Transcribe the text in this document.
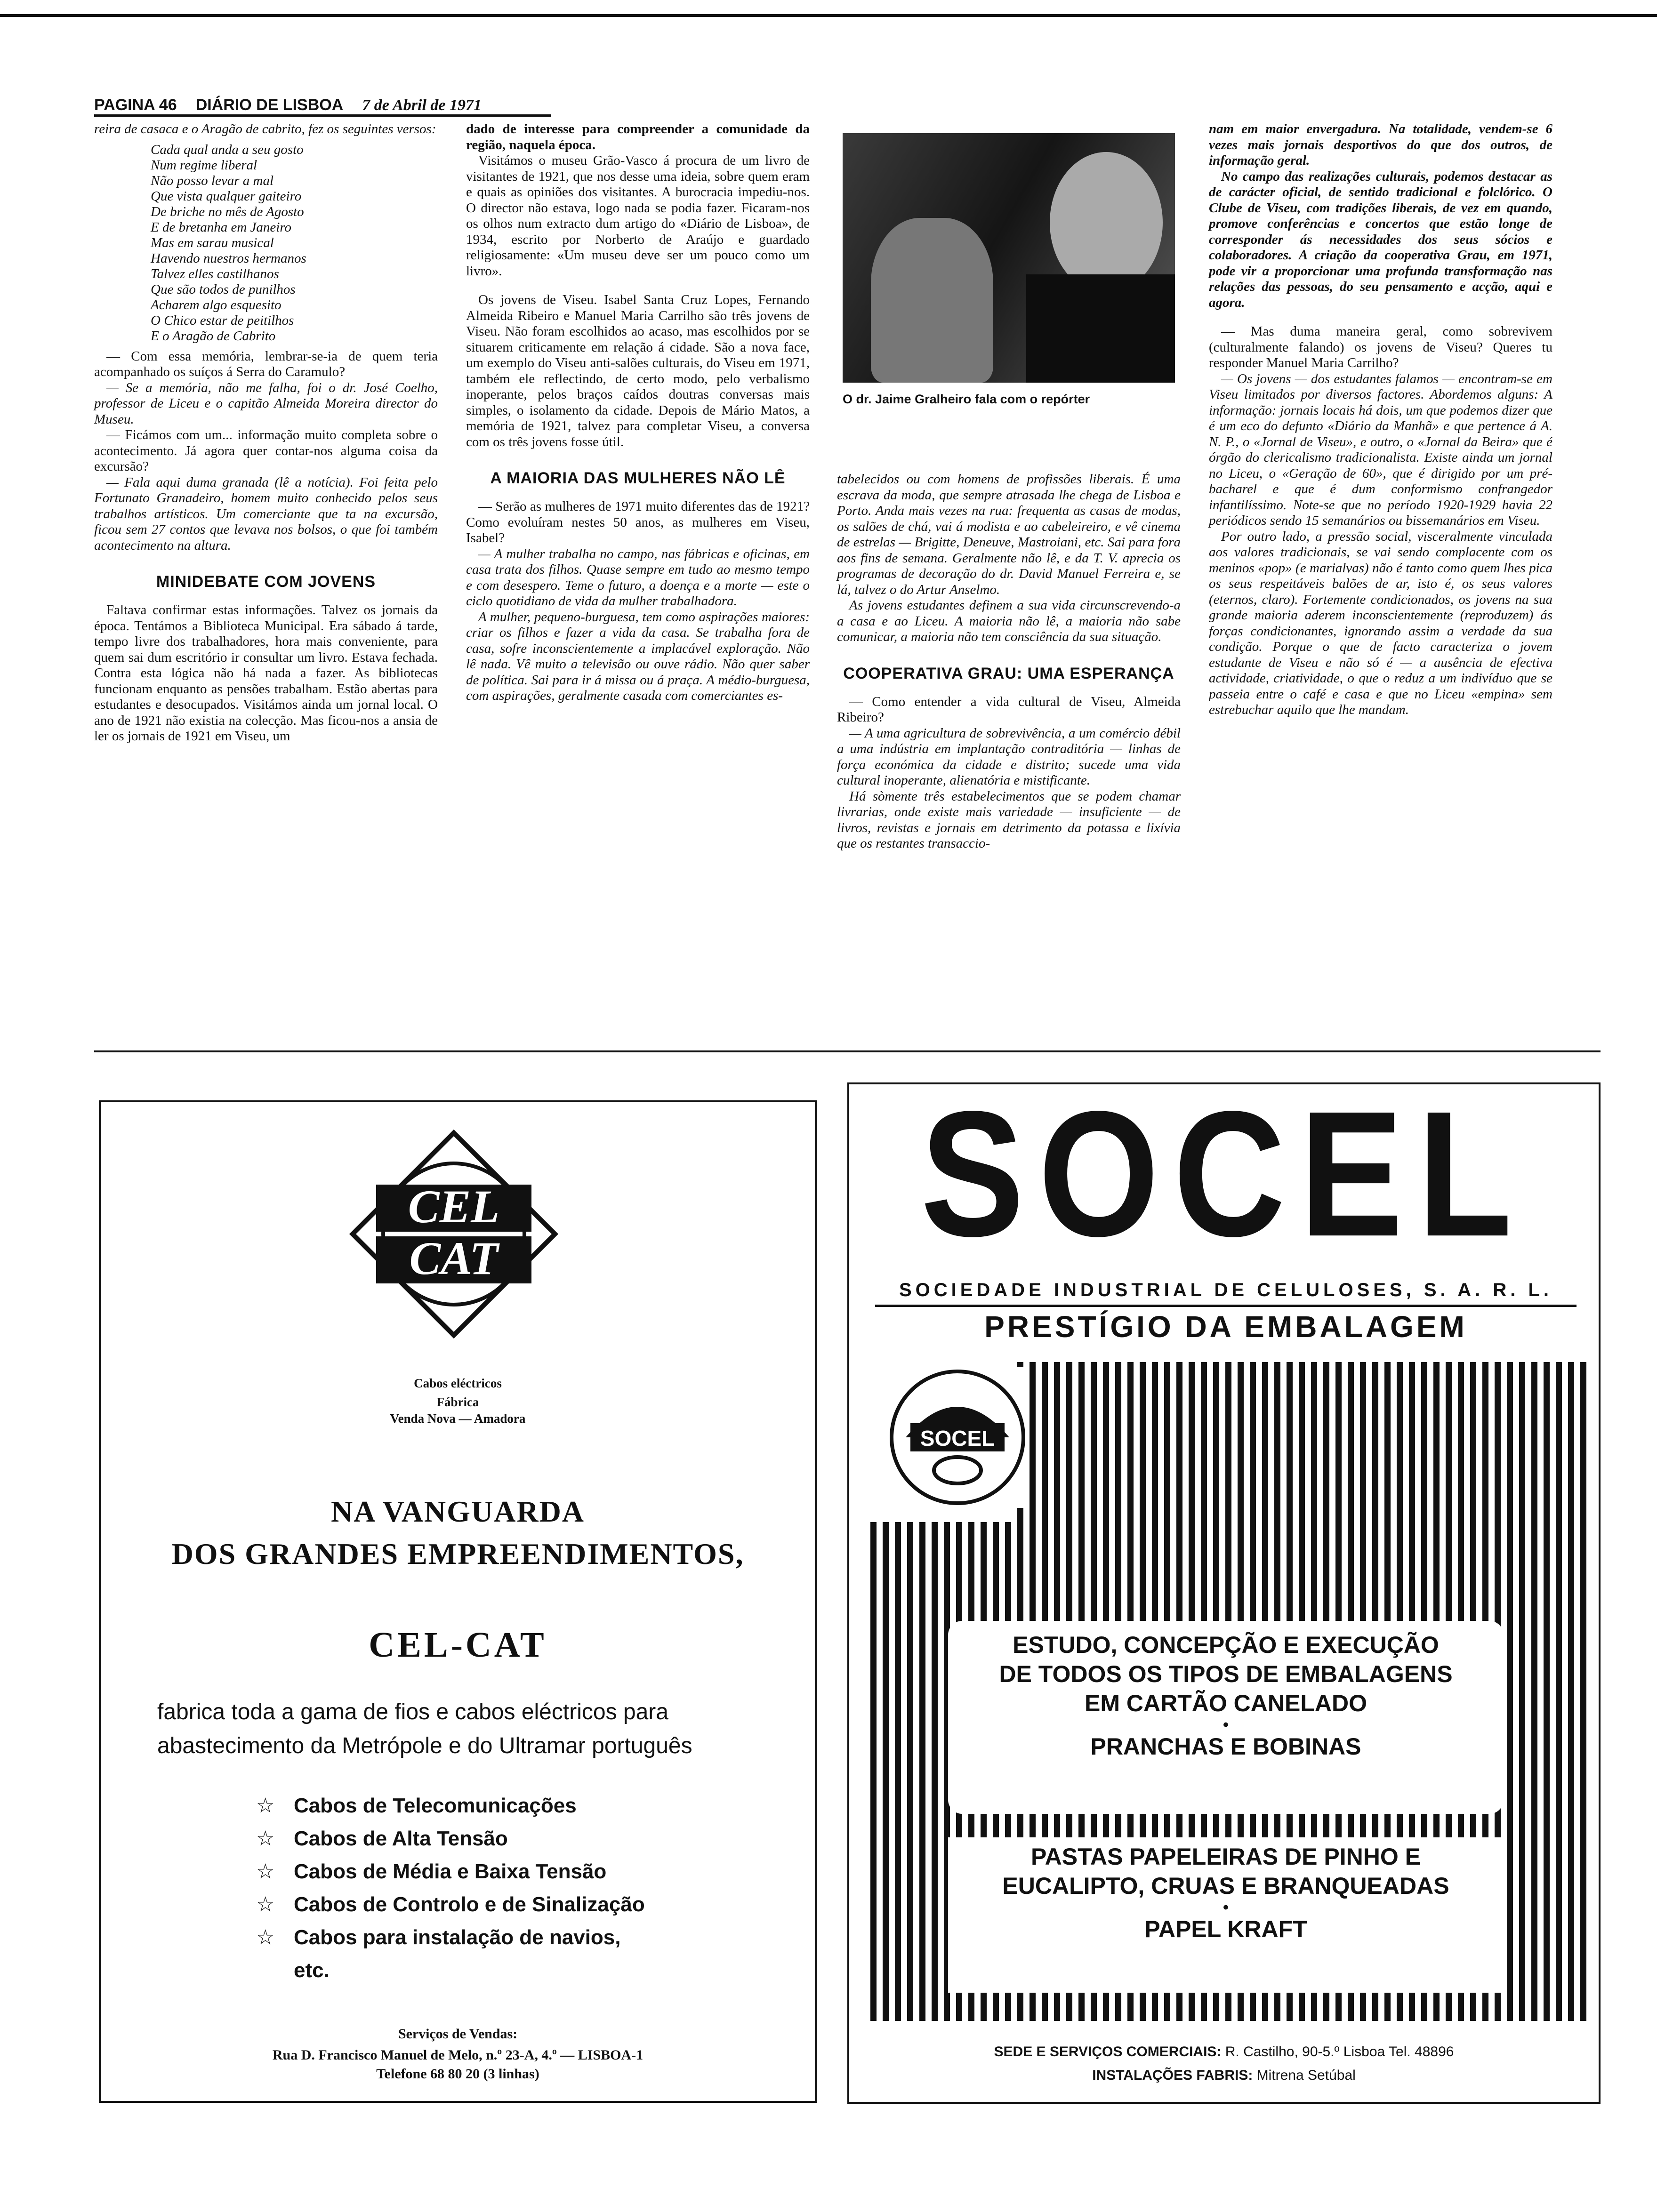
PAGINA 46 DIÁRIO DE LISBOA 7 de Abril de 1971

reira de casaca e o Aragão de cabrito, fez os seguintes versos:

Cada qual anda a seu gosto
Num regime liberal
Não posso levar a mal
Que vista qualquer gaiteiro
De briche no mês de Agosto
E de bretanha em Janeiro
Mas em sarau musical
Havendo nuestros hermanos
Talvez elles castilhanos
Que são todos de punilhos
Acharem algo esquesito
O Chico estar de peitilhos
E o Aragão de Cabrito

— Com essa memória, lembrar-se-ia de quem teria acompanhado os suíços á Serra do Caramulo?

— Se a memória, não me falha, foi o dr. José Coelho, professor de Liceu e o capitão Almeida Moreira director do Museu.

— Ficámos com um... informação muito completa sobre o acontecimento. Já agora quer contar-nos alguma coisa da excursão?

— Fala aqui duma granada (lê a notícia). Foi feita pelo Fortunato Granadeiro, homem muito conhecido pelos seus trabalhos artísticos. Um comerciante que ta na excursão, ficou sem 27 contos que levava nos bolsos, o que foi também acontecimento na altura.

MINIDEBATE COM JOVENS

Faltava confirmar estas informações. Talvez os jornais da época. Tentámos a Biblioteca Municipal. Era sábado á tarde, tempo livre dos trabalhadores, hora mais conveniente, para quem sai dum escritório ir consultar um livro. Estava fechada. Contra esta lógica não há nada a fazer. As bibliotecas funcionam enquanto as pensões trabalham. Estão abertas para estudantes e desocupados. Visitámos ainda um jornal local. O ano de 1921 não existia na colecção. Mas ficou-nos a ansia de ler os jornais de 1921 em Viseu, um

dado de interesse para compreender a comunidade da região, naquela época.

Visitámos o museu Grão-Vasco á procura de um livro de visitantes de 1921, que nos desse uma ideia, sobre quem eram e quais as opiniões dos visitantes. A burocracia impediu-nos. O director não estava, logo nada se podia fazer. Ficaram-nos os olhos num extracto dum artigo do «Diário de Lisboa», de 1934, escrito por Norberto de Araújo e guardado religiosamente: «Um museu deve ser um pouco como um livro».

Os jovens de Viseu. Isabel Santa Cruz Lopes, Fernando Almeida Ribeiro e Manuel Maria Carrilho são três jovens de Viseu. Não foram escolhidos ao acaso, mas escolhidos por se situarem criticamente em relação á cidade. São a nova face, um exemplo do Viseu anti-salões culturais, do Viseu em 1971, também ele reflectindo, de certo modo, pelo verbalismo inoperante, pelos braços caídos doutras conversas mais simples, o isolamento da cidade. Depois de Mário Matos, a memória de 1921, talvez para completar Viseu, a conversa com os três jovens fosse útil.

A MAIORIA DAS MULHERES NÃO LÊ

— Serão as mulheres de 1971 muito diferentes das de 1921? Como evoluíram nestes 50 anos, as mulheres em Viseu, Isabel?

— A mulher trabalha no campo, nas fábricas e oficinas, em casa trata dos filhos. Quase sempre em tudo ao mesmo tempo e com desespero. Teme o futuro, a doença e a morte — este o ciclo quotidiano de vida da mulher trabalhadora.

A mulher, pequeno-burguesa, tem como aspirações maiores: criar os filhos e fazer a vida da casa. Se trabalha fora de casa, sofre inconscientemente a implacável exploração. Não lê nada. Vê muito a televisão ou ouve rádio. Não quer saber de política. Sai para ir á missa ou á praça. A médio-burguesa, com aspirações, geralmente casada com comerciantes es-

O dr. Jaime Gralheiro fala com o repórter

tabelecidos ou com homens de profissões liberais. É uma escrava da moda, que sempre atrasada lhe chega de Lisboa e Porto. Anda mais vezes na rua: frequenta as casas de modas, os salões de chá, vai á modista e ao cabeleireiro, e vê cinema de estrelas — Brigitte, Deneuve, Mastroiani, etc. Sai para fora aos fins de semana. Geralmente não lê, e da T. V. aprecia os programas de decoração do dr. David Manuel Ferreira e, se lá, talvez o do Artur Anselmo.

As jovens estudantes definem a sua vida circunscrevendo-a a casa e ao Liceu. A maioria não lê, a maioria não sabe comunicar, a maioria não tem consciência da sua situação.

COOPERATIVA GRAU: UMA ESPERANÇA

— Como entender a vida cultural de Viseu, Almeida Ribeiro?

— A uma agricultura de sobrevivência, a um comércio débil a uma indústria em implantação contraditória — linhas de força económica da cidade e distrito; sucede uma vida cultural inoperante, alienatória e mistificante.

Há sòmente três estabelecimentos que se podem chamar livrarias, onde existe mais variedade — insuficiente — de livros, revistas e jornais em detrimento da potassa e lixívia que os restantes transaccio-

nam em maior envergadura. Na totalidade, vendem-se 6 vezes mais jornais desportivos do que dos outros, de informação geral.

No campo das realizações culturais, podemos destacar as de carácter oficial, de sentido tradicional e folclórico. O Clube de Viseu, com tradições liberais, de vez em quando, promove conferências e concertos que estão longe de corresponder ás necessidades dos seus sócios e colaboradores. A criação da cooperativa Grau, em 1971, pode vir a proporcionar uma profunda transformação nas relações das pessoas, do seu pensamento e acção, aqui e agora.

— Mas duma maneira geral, como sobrevivem (culturalmente falando) os jovens de Viseu? Queres tu responder Manuel Maria Carrilho?

— Os jovens — dos estudantes falamos — encontram-se em Viseu limitados por diversos factores. Abordemos alguns: A informação: jornais locais há dois, um que podemos dizer que é um eco do defunto «Diário da Manhã» e que pertence á A. N. P., o «Jornal de Viseu», e outro, o «Jornal da Beira» que é órgão do clericalismo tradicionalista. Existe ainda um jornal no Liceu, o «Geração de 60», que é dirigido por um pré-bacharel e que é dum conformismo confrangedor infantilíssimo. Note-se que no período 1920-1929 havia 22 periódicos sendo 15 semanários ou bissemanários em Viseu.

Por outro lado, a pressão social, visceralmente vinculada aos valores tradicionais, se vai sendo complacente com os meninos «pop» (e marialvas) não é tanto como quem lhes pica os seus respeitáveis balões de ar, isto é, os seus valores (eternos, claro). Fortemente condicionados, os jovens na sua grande maioria aderem inconscientemente (reproduzem) ás forças condicionantes, ignorando assim a verdade da sua condição. Porque o que de facto caracteriza o jovem estudante de Viseu e não só é — a ausência de efectiva actividade, criatividade, o que o reduz a um indivíduo que se passeia entre o café e casa e que no Liceu «empina» sem estrebuchar aquilo que lhe mandam.

CEL
CAT
Cabos eléctricos
Fábrica
Venda Nova — Amadora
NA VANGUARDA
DOS GRANDES EMPREENDIMENTOS,
CEL-CAT
fabrica toda a gama de fios e cabos eléctricos para abastecimento da Metrópole e do Ultramar português
☆ Cabos de Telecomunicações
☆ Cabos de Alta Tensão
☆ Cabos de Média e Baixa Tensão
☆ Cabos de Controlo e de Sinalização
☆ Cabos para instalação de navios,
etc.
Serviços de Vendas:
Rua D. Francisco Manuel de Melo, n.º 23-A, 4.º — LISBOA-1
Telefone 68 80 20 (3 linhas)
SOCEL
SOCIEDADE INDUSTRIAL DE CELULOSES, S. A. R. L.
PRESTÍGIO DA EMBALAGEM
SOCEL
ESTUDO, CONCEPÇÃO E EXECUÇÃO
DE TODOS OS TIPOS DE EMBALAGENS
EM CARTÃO CANELADO
•
PRANCHAS E BOBINAS
PASTAS PAPELEIRAS DE PINHO E
EUCALIPTO, CRUAS E BRANQUEADAS
•
PAPEL KRAFT
SEDE E SERVIÇOS COMERCIAIS: R. Castilho, 90-5.º Lisboa Tel. 48896
INSTALAÇÕES FABRIS: Mitrena Setúbal
